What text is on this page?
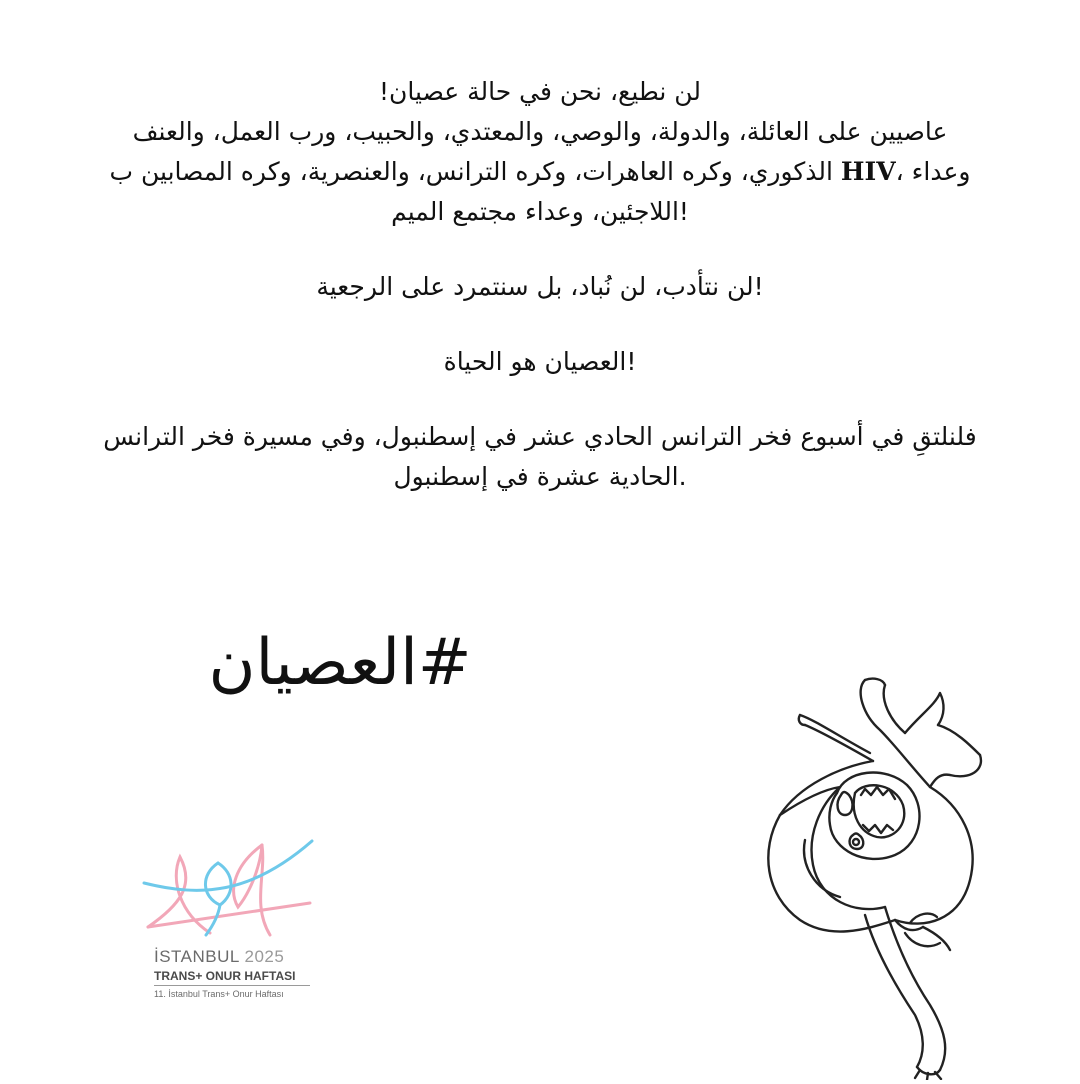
لن نطيع، نحن في حالة عصيان!

عاصيين على العائلة، والدولة، والوصي، والمعتدي، والحبيب، ورب العمل، والعنف

وعداء ،HIV الذكوري، وكره العاهرات، وكره الترانس، والعنصرية، وكره المصابين ب

!اللاجئين، وعداء مجتمع الميم

!لن نتأدب، لن نُباد، بل سنتمرد على الرجعية

!العصيان هو الحياة

فلنلتقِ في أسبوع فخر الترانس الحادي عشر في إسطنبول، وفي مسيرة فخر الترانس

.الحادية عشرة في إسطنبول

#العصيان
İSTANBUL 2025
TRANS+ ONUR HAFTASI
11. İstanbul Trans+ Onur Haftası
